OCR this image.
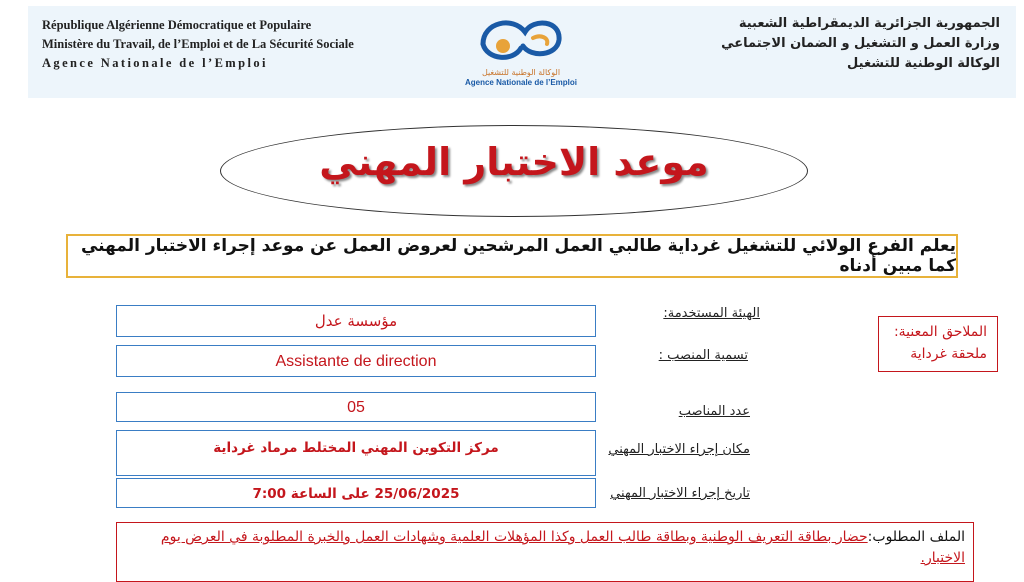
République Algérienne Démocratique et Populaire
Ministère du Travail, de l’Emploi et de La Sécurité Sociale
Agence Nationale de l’Emploi
الوكالة الوطنية للتشغيل
Agence Nationale de l’Emploi
الجمهورية الجزائرية الديمقراطية الشعبية
وزارة العمل و التشغيل و الضمان الاجتماعي
الوكالة الوطنية للتشغيل
موعد الاختبار المهني
يعلم الفرع الولائي للتشغيل غرداية طالبي العمل المرشحين لعروض العمل عن موعد إجراء الاختبار المهني كما مبين أدناه
الهيئة المستخدمة:
مؤسسة عدل
تسمية المنصب :
Assistante de direction
عدد المناصب
05
مكان إجراء الاختبار المهني
مركز التكوين المهني المختلط مرماد غرداية
تاريخ إجراء الاختبار المهني
25/06/2025 على الساعة 7:00
الملاحق المعنية:
ملحقة غرداية
الملف المطلوب:حضار بطاقة التعريف الوطنية وبطاقة طالب العمل وكذا المؤهلات العلمية وشهادات العمل والخبرة المطلوبة في العرض يوم الاختبار.
